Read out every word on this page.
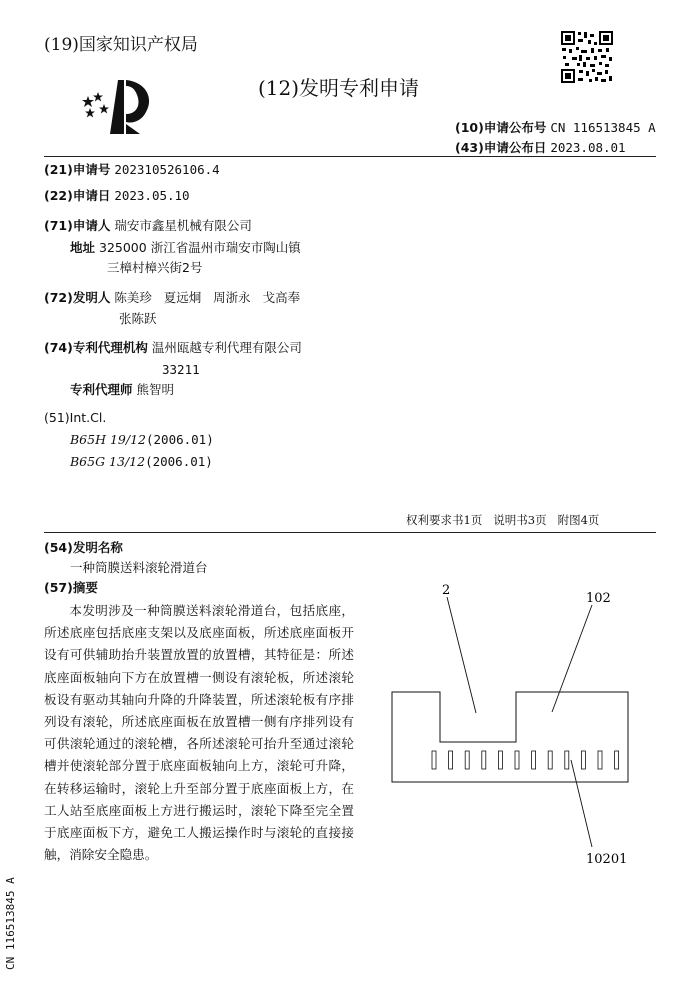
(19)国家知识产权局
(12)发明专利申请
(10)申请公布号 CN 116513845 A
(43)申请公布日 2023.08.01
(21)申请号 202310526106.4
(22)申请日 2023.05.10
(71)申请人 瑞安市鑫星机械有限公司
地址 325000 浙江省温州市瑞安市陶山镇
三樟村樟兴街2号
(72)发明人 陈美珍   夏远炯   周浙永   戈高奉
张陈跃
(74)专利代理机构 温州瓯越专利代理有限公司
33211
专利代理师 熊智明
(51)Int.Cl.
B65H 19/12(2006.01)
B65G 13/12(2006.01)
权利要求书1页   说明书3页   附图4页
(54)发明名称
一种筒膜送料滚轮滑道台
(57)摘要
本发明涉及一种筒膜送料滚轮滑道台，包括底座，所述底座包括底座支架以及底座面板，所述底座面板开设有可供辅助抬升装置放置的放置槽，其特征是：所述底座面板轴向下方在放置槽一侧设有滚轮板，所述滚轮板设有驱动其轴向升降的升降装置，所述滚轮板有序排列设有滚轮，所述底座面板在放置槽一侧有序排列设有可供滚轮通过的滚轮槽，各所述滚轮可抬升至通过滚轮槽并使滚轮部分置于底座面板轴向上方，滚轮可升降，在转移运输时，滚轮上升至部分置于底座面板上方，在工人站至底座面板上方进行搬运时，滚轮下降至完全置于底座面板下方，避免工人搬运操作时与滚轮的直接接触，消除安全隐患。
2
102
10201
CN 116513845 A
